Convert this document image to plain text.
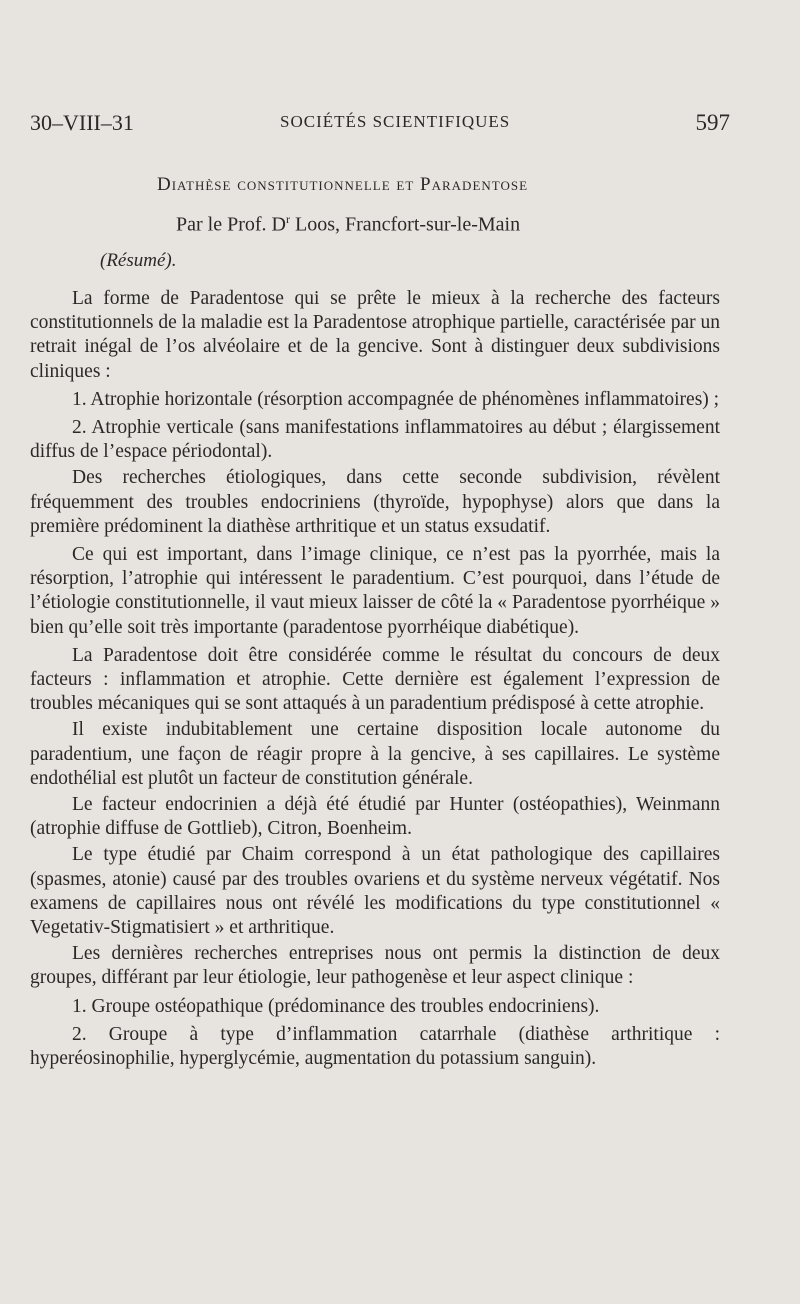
30–VIII–31	SOCIÉTÉS SCIENTIFIQUES	597
Diathèse constitutionnelle et Paradentose
Par le Prof. $D^r$ Loos, Francfort-sur-le-Main
(Résumé).

La forme de Paradentose qui se prête le mieux à la recherche des facteurs constitutionnels de la maladie est la Paradentose atrophique partielle, caractérisée par un retrait inégal de l’os alvéolaire et de la gencive. Sont à distinguer deux subdivisions cliniques :

1. Atrophie horizontale (résorption accompagnée de phénomènes inflammatoires) ;

2. Atrophie verticale (sans manifestations inflammatoires au début ; élargissement diffus de l’espace périodontal).

Des recherches étiologiques, dans cette seconde subdivision, révèlent fréquemment des troubles endocriniens (thyroïde, hypophyse) alors que dans la première prédominent la diathèse arthritique et un status exsudatif.

Ce qui est important, dans l’image clinique, ce n’est pas la pyorrhée, mais la résorption, l’atrophie qui intéressent le paradentium. C’est pourquoi, dans l’étude de l’étiologie constitutionnelle, il vaut mieux laisser de côté la « Paradentose pyorrhéique » bien qu’elle soit très importante (paradentose pyorrhéique diabétique).

La Paradentose doit être considérée comme le résultat du concours de deux facteurs : inflammation et atrophie. Cette dernière est également l’expression de troubles mécaniques qui se sont attaqués à un paradentium prédisposé à cette atrophie.

Il existe indubitablement une certaine disposition locale autonome du paradentium, une façon de réagir propre à la gencive, à ses capillaires. Le système endothélial est plutôt un facteur de constitution générale.

Le facteur endocrinien a déjà été étudié par Hunter (ostéopathies), Weinmann (atrophie diffuse de Gottlieb), Citron, Boenheim.

Le type étudié par Chaim correspond à un état pathologique des capillaires (spasmes, atonie) causé par des troubles ovariens et du système nerveux végétatif. Nos examens de capillaires nous ont révélé les modifications du type constitutionnel « Vegetativ-Stigmatisiert » et arthritique.

Les dernières recherches entreprises nous ont permis la distinction de deux groupes, différant par leur étiologie, leur pathogenèse et leur aspect clinique :

1. Groupe ostéopathique (prédominance des troubles endocriniens).

2. Groupe à type d’inflammation catarrhale (diathèse arthritique : hyperéosinophilie, hyperglycémie, augmentation du potassium sanguin).
